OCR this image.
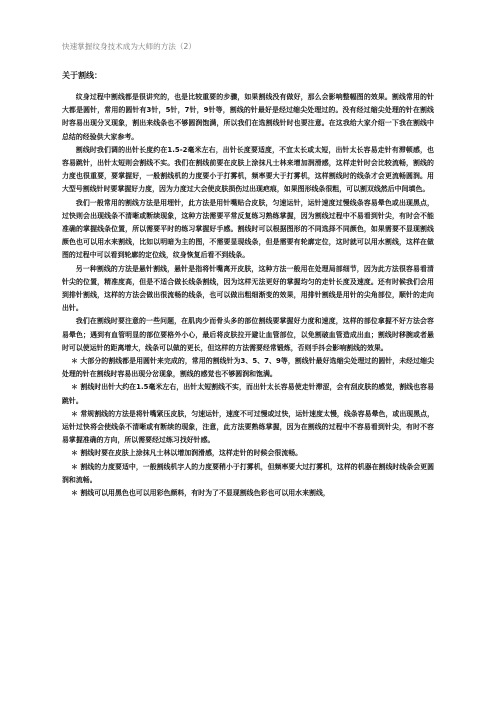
快速掌握纹身技术成为大师的方法（2）
关于割线：

纹身过程中割线都是很讲究的，也是比较重要的步骤，如果割线没有做好，那么会影响整幅图的效果。割线常用的针大都是圆针，常用的圆针有3针，5针，7针，9针等，割线的针最好是经过缩尖处理过的。没有经过缩尖处理的针在割线时容易出现分叉现象，割出来线条也不够圆润饱满，所以我们在选割线针时也要注意。在这我给大家介绍一下我在割线中总结的经验供大家参考。

割线时我们调的出针长度约在1.5-2毫米左右，出针长度要适度，不宜太长或太短，出针太长容易走针有滞顿感，也容易跳针，出针太短则会割线不实。我们在割线前要在皮肤上涂抹凡士林来增加润滑感，这样走针时会比较流畅，割线的力度也很重要，要掌握好，一般割线机的力度要小于打雾机，频率要大于打雾机，这样割线时的线条才会更流畅圆润。用大型号割线针时要掌握好力度，因为力度过大会使皮肤损伤过出现疤痕，如果图形线条很粗，可以割双线然后中间填色。

我们一般常用的割线方法是用埋针，此方法是用针嘴贴合皮肤，匀速运针，运针速度过慢线条容易晕色或出现黑点，过快则会出现线条不清晰或断续现象，这种方法需要平常反复练习熟练掌握，因为割线过程中不易看到针尖，有时会不能准确的掌握线条位置，所以需要平时的练习掌握好手感。割线时可以根据图形的不同选择不同颜色，如果需要不显现割线颜色也可以用水来割线，比如以明暗为主的图，不需要显现线条，但是需要有轮廓定位，这时就可以用水割线，这样在做图的过程中可以看到轮廓的定位线，纹身恢复后看不到线条。

另一种割线的方法是悬针割线，悬针是指将针嘴离开皮肤，这种方法一般用在处理局部细节，因为此方法很容易看清针尖的位置，精准度高，但是不适合做长线条割线，因为这样无法更好的掌握均匀的走针长度及速度。还有时候我们会用到排针割线，这样的方法会做出很流畅的线条，也可以做出粗细渐变的效果，用排针割线是用针的尖角部位，顺针的走向出针。

我们在割线时要注意的一些问题，在肌肉少而骨头多的部位割线要掌握好力度和速度，这样的部位拿握不好方法会容易晕色；遇到有血管明显的部位要格外小心，最后将皮肤拉开避让血管部位，以免割破血管造成出血；割线时移腕或者悬时可以使运针的距离增大，线条可以做的更长，但这样的方法需要经常锻炼，否则手抖会影响割线的效果。

＊ 大部分的割线都是用圆针来完成的，常用的割线针为3、5、7、9等，割线针最好选缩尖处理过的圆针，未经过缩尖处理的针在割线时容易出现分岔现象，割线的感觉也不够圆润和饱满。

＊ 割线时出针大约在1.5毫米左右，出针太短割线不实，而出针太长容易使走针滞涩，会有刮皮肤的感觉，割线也容易跳针。

＊ 常规割线的方法是将针嘴紧压皮肤，匀速运针，速度不可过慢或过快，运针速度太慢，线条容易晕色，或出现黑点，运针过快将会使线条不清晰或有断续的现象，注意，此方法要熟练掌握，因为在割线的过程中不容易看到针尖，有时不容易掌握准确的方向，所以需要经过练习找好针感。

＊ 割线时要在皮肤上涂抹凡士林以增加润滑感，这样走针的时候会很流畅。

＊ 割线的力度要适中，一般割线机字人的力度要稍小于打雾机，但频率要大过打雾机，这样的机器在割线时线条会更圆润和流畅。

＊ 割线可以用黑色也可以用彩色颜料，有时为了不显现割线色彩也可以用水来割线，
